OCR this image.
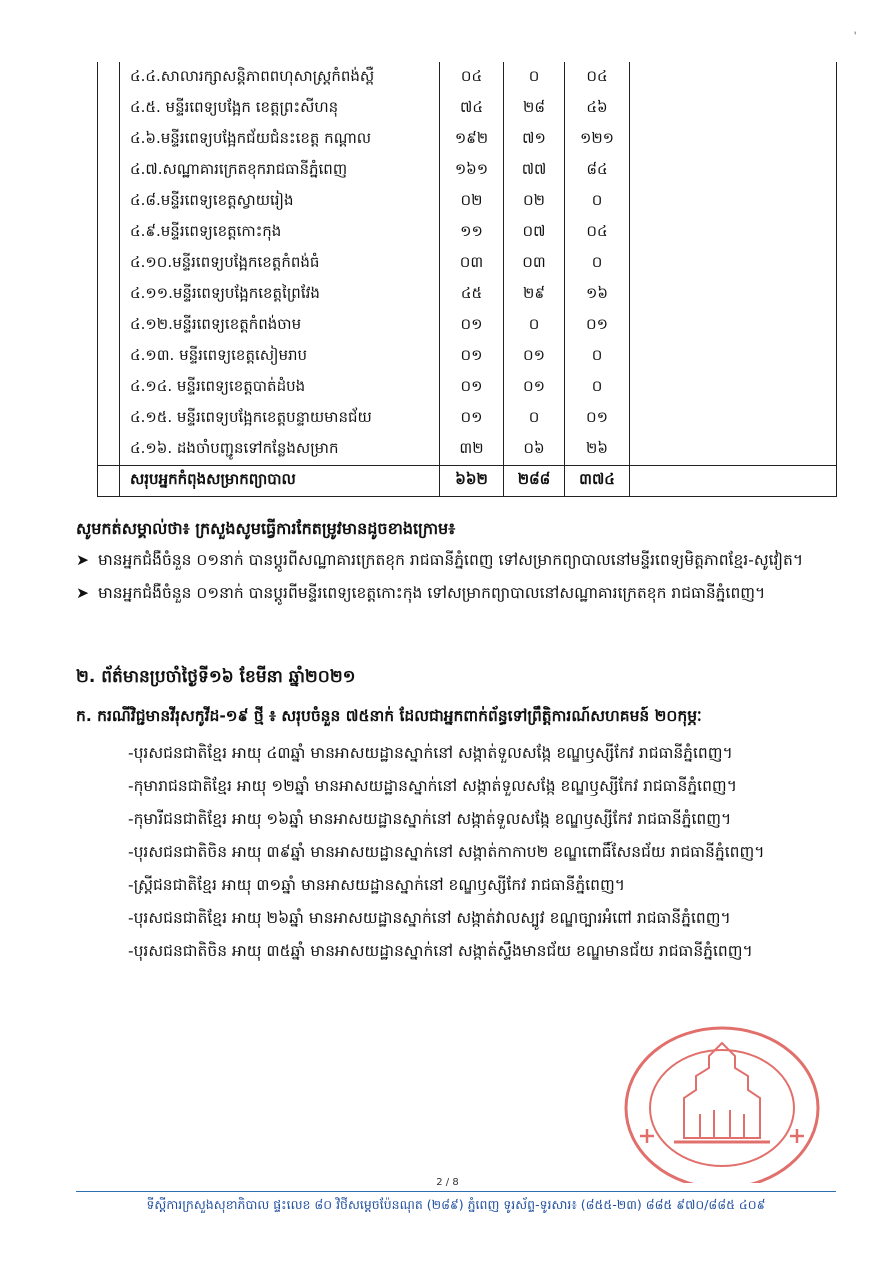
`
	៤.៤.សាលារក្សាសន្តិភាពពហុសាស្ត្រកំពង់ស្ពឺ	០៤	០	០៤	
	៤.៥. មន្ទីរពេទ្យបង្អែក ខេត្តព្រះសីហនុ	៧៤	២៨	៤៦	
	៤.៦.មន្ទីរពេទ្យបង្អែកជ័យជំនះខេត្ត កណ្តាល	១៩២	៧១	១២១	
	៤.៧.សណ្ឋាគារក្រេតខុករាជធានីភ្នំពេញ	១៦១	៧៧	៨៤	
	៤.៨.មន្ទីរពេទ្យខេត្តស្វាយរៀង	០២	០២	០	
	៤.៩.មន្ទីរពេទ្យខេត្តកោះកុង	១១	០៧	០៤	
	៤.១០.មន្ទីរពេទ្យបង្អែកខេត្តកំពង់ធំ	០៣	០៣	០	
	៤.១១.មន្ទីរពេទ្យបង្អែកខេត្តព្រៃវែង	៤៥	២៩	១៦	
	៤.១២.មន្ទីរពេទ្យខេត្តកំពង់ចាម	០១	០	០១	
	៤.១៣. មន្ទីរពេទ្យខេត្តសៀមរាប	០១	០១	០	
	៤.១៤. មន្ទីរពេទ្យខេត្តបាត់ដំបង	០១	០១	០	
	៤.១៥. មន្ទីរពេទ្យបង្អែកខេត្តបន្ទាយមានជ័យ	០១	០	០១	
	៤.១៦. ដងចាំបញ្ជូនទៅកន្លែងសម្រាក	៣២	០៦	២៦	
	សរុបអ្នកកំពុងសម្រាកព្យាបាល	៦៦២	២៨៨	៣៧៤	
សូមកត់សម្គាល់ថា៖ ក្រសួងសូមធ្វើការកែតម្រូវមានដូចខាងក្រោម៖
➤ មានអ្នកជំងឺចំនួន ០១នាក់ បានប្តូរពីសណ្ឋាគារក្រេតខុក រាជធានីភ្នំពេញ ទៅសម្រាកព្យាបាលនៅមន្ទីរពេទ្យមិត្តភាពខ្មែរ-សូវៀត។
➤ មានអ្នកជំងឺចំនួន ០១នាក់ បានប្តូរពីមន្ទីរពេទ្យខេត្តកោះកុង ទៅសម្រាកព្យាបាលនៅសណ្ឋាគារក្រេតខុក រាជធានីភ្នំពេញ។
២. ព័ត៌មានប្រចាំថ្ងៃទី១៦ ខែមីនា ឆ្នាំ២០២១
ក. ករណីវិជ្ជមានវីរុសកូវីដ-១៩ ថ្មី ៖ សរុបចំនួន ៧៥នាក់ ដែលជាអ្នកពាក់ព័ន្ធទៅព្រឹត្តិការណ៍សហគមន៍ ២០កុម្ភៈ
-បុរសជនជាតិខ្មែរ អាយុ ៤៣ឆ្នាំ មានអាសយដ្ឋានស្នាក់នៅ សង្កាត់ទួលសង្កែ ខណ្ឌឫស្សីកែវ រាជធានីភ្នំពេញ។
-កុមារាជនជាតិខ្មែរ អាយុ ១២ឆ្នាំ មានអាសយដ្ឋានស្នាក់នៅ សង្កាត់ទួលសង្កែ ខណ្ឌឫស្សីកែវ រាជធានីភ្នំពេញ។
-កុមារីជនជាតិខ្មែរ អាយុ ១៦ឆ្នាំ មានអាសយដ្ឋានស្នាក់នៅ សង្កាត់ទួលសង្កែ ខណ្ឌឫស្សីកែវ រាជធានីភ្នំពេញ។
-បុរសជនជាតិចិន អាយុ ៣៩ឆ្នាំ មានអាសយដ្ឋានស្នាក់នៅ សង្កាត់កាកាប២ ខណ្ឌពោធិ៍សែនជ័យ រាជធានីភ្នំពេញ។
-ស្ត្រីជនជាតិខ្មែរ អាយុ ៣១ឆ្នាំ មានអាសយដ្ឋានស្នាក់នៅ ខណ្ឌឫស្សីកែវ រាជធានីភ្នំពេញ។
-បុរសជនជាតិខ្មែរ អាយុ ២៦ឆ្នាំ មានអាសយដ្ឋានស្នាក់នៅ សង្កាត់វាលស្បូវ ខណ្ឌច្បារអំពៅ រាជធានីភ្នំពេញ។
-បុរសជនជាតិចិន អាយុ ៣៥ឆ្នាំ មានអាសយដ្ឋានស្នាក់នៅ សង្កាត់ស្ទឹងមានជ័យ ខណ្ឌមានជ័យ រាជធានីភ្នំពេញ។
2 / 8
ទីស្តីការក្រសួងសុខាភិបាល ផ្ទះលេខ ៨០ វិថីសម្តេចប៉ែនណុត (២៨៩) ភ្នំពេញ ទូរស័ព្ទ-ទូរសារ៖ (៨៥៥-២៣) ៨៨៥ ៩៧០/៨៨៥ ៤០៩
